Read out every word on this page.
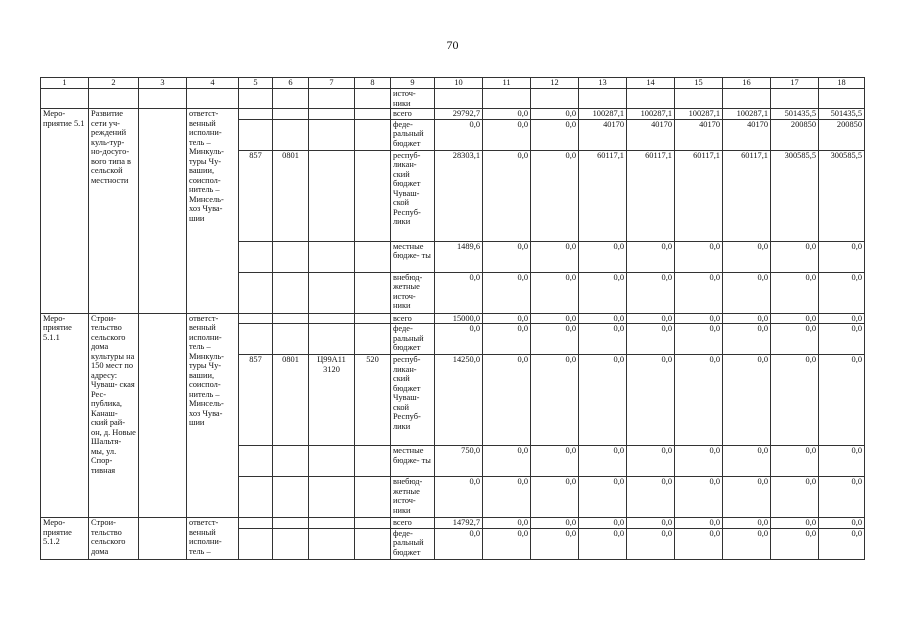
70
1	2	3	4	5	6	7	8	9	10	11	12	13	14	15	16	17	18
								источ- ники									
Меро- приятие 5.1	Развитие сети уч- реждений куль-тур- но-досуго- вого типа в сельской местности		ответст- венный исполни- тель – Минкуль- туры Чу- вашии, соиспол- нитель – Минсель- хоз Чува- шии					всего	29792,7	0,0	0,0	100287,1	100287,1	100287,1	100287,1	501435,5	501435,5
								феде- ральный бюджет	0,0	0,0	0,0	40170	40170	40170	40170	200850	200850
				857	0801			респуб- ликан- ский бюджет Чуваш- ской Респуб- лики	28303,1	0,0	0,0	60117,1	60117,1	60117,1	60117,1	300585,5	300585,5
								местные бюдже- ты	1489,6	0,0	0,0	0,0	0,0	0,0	0,0	0,0	0,0
								внебюд- жетные источ- ники	0,0	0,0	0,0	0,0	0,0	0,0	0,0	0,0	0,0
Меро- приятие 5.1.1	Строи- тельство сельского дома культуры на 150 мест по адресу: Чуваш- ская Рес- публика, Канаш- ский рай- он, д. Новые Шальтя- мы, ул. Спор- тивная		ответст- венный исполни- тель – Минкуль- туры Чу- вашии, соиспол- нитель – Минсель- хоз Чува- шии					всего	15000,0	0,0	0,0	0,0	0,0	0,0	0,0	0,0	0,0
								феде- ральный бюджет	0,0	0,0	0,0	0,0	0,0	0,0	0,0	0,0	0,0
				857	0801	Ц99А11 3120	520	респуб- ликан- ский бюджет Чуваш- ской Респуб- лики	14250,0	0,0	0,0	0,0	0,0	0,0	0,0	0,0	0,0
								местные бюдже- ты	750,0	0,0	0,0	0,0	0,0	0,0	0,0	0,0	0,0
								внебюд- жетные источ- ники	0,0	0,0	0,0	0,0	0,0	0,0	0,0	0,0	0,0
Меро- приятие 5.1.2	Строи- тельство сельского дома		ответст- венный исполни- тель –					всего	14792,7	0,0	0,0	0,0	0,0	0,0	0,0	0,0	0,0
								феде- ральный бюджет	0,0	0,0	0,0	0,0	0,0	0,0	0,0	0,0	0,0
